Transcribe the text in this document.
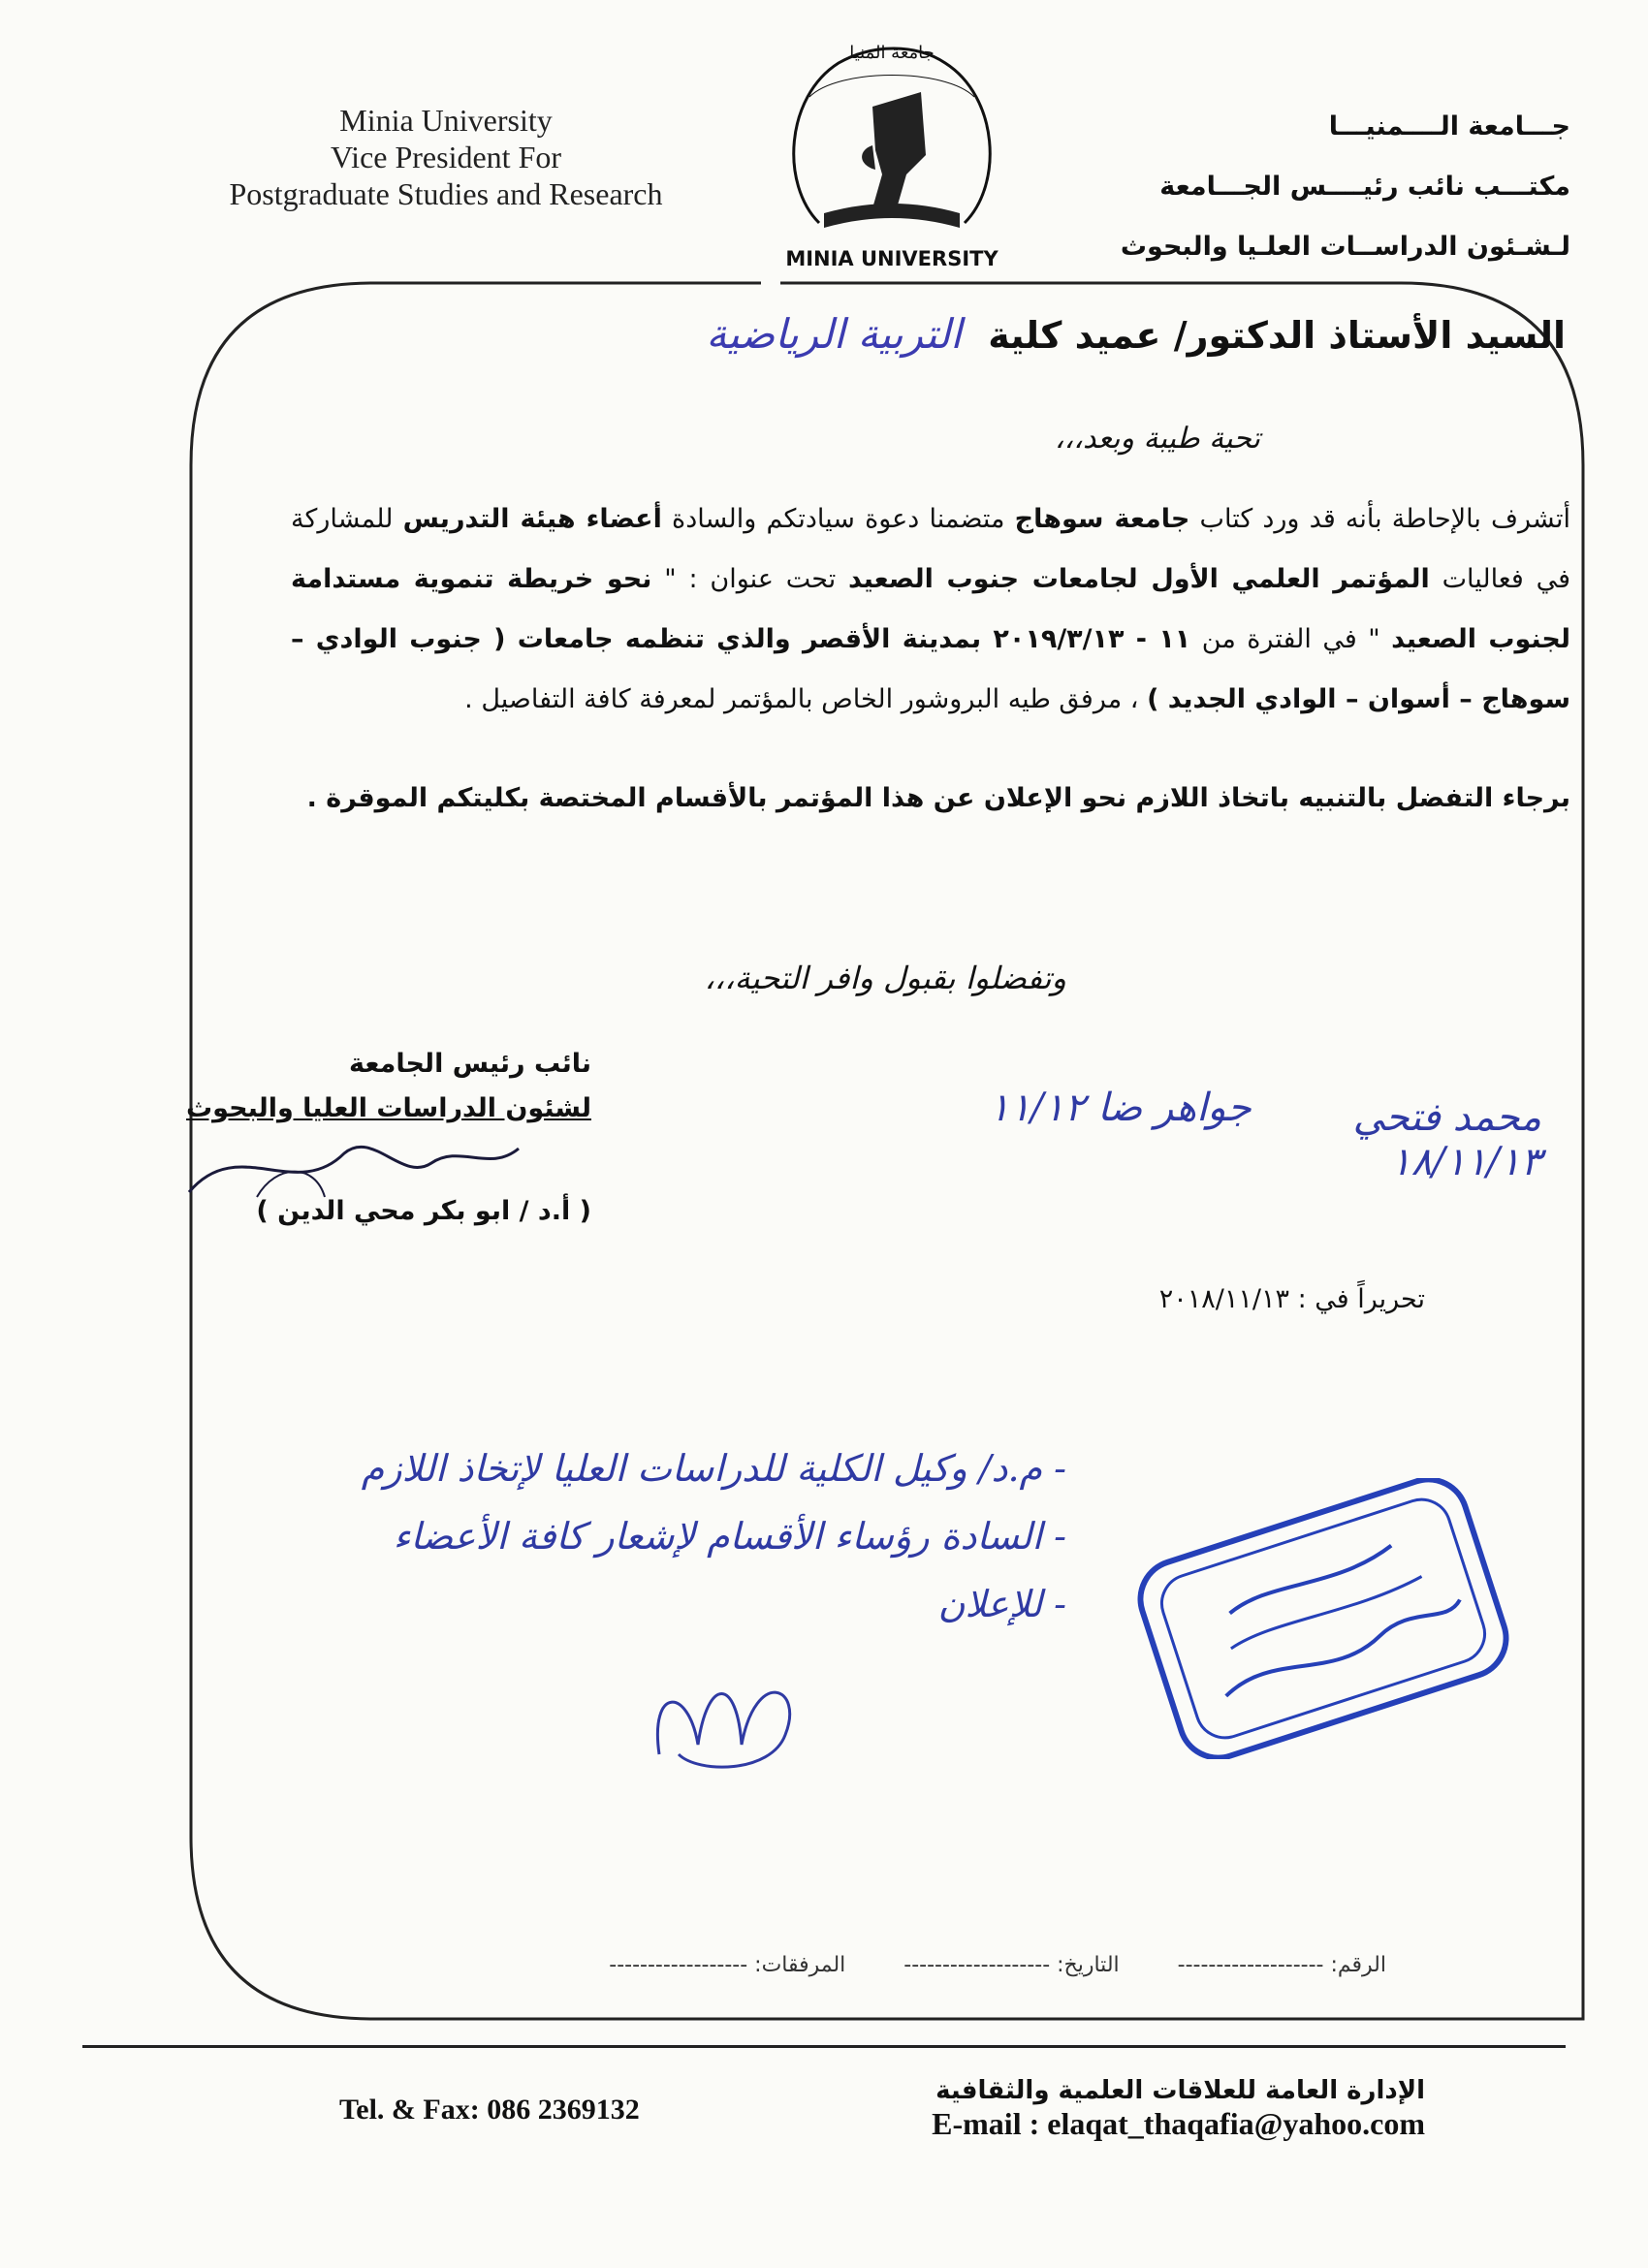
Minia University
Vice President For
Postgraduate Studies and Research
جـــامعة الــــمنيـــا
مكتـــب نائب رئيــــس الجـــامعة
لـشـئون الدراســات العلـيا والبحوث
MINIA UNIVERSITY
جامعة المنيا
السيد الأستاذ الدكتور/ عميد كلية التربية الرياضية
تحية طيبة وبعد،،،

أتشرف بالإحاطة بأنه قد ورد كتاب جامعة سوهاج متضمنا دعوة سيادتكم والسادة أعضاء هيئة التدريس للمشاركة في فعاليات المؤتمر العلمي الأول لجامعات جنوب الصعيد تحت عنوان : " نحو خريطة تنموية مستدامة لجنوب الصعيد " في الفترة من ١١ - ٢٠١٩/٣/١٣ بمدينة الأقصر والذي تنظمه جامعات ( جنوب الوادي – سوهاج – أسوان – الوادي الجديد ) ، مرفق طيه البروشور الخاص بالمؤتمر لمعرفة كافة التفاصيل .

برجاء التفضل بالتنبيه باتخاذ اللازم نحو الإعلان عن هذا المؤتمر بالأقسام المختصة بكليتكم الموقرة .

وتفضلوا بقبول وافر التحية،،،
نائب رئيس الجامعة
لشئون الدراسات العليا والبحوث
( أ.د / ابو بكر محي الدين )
جواهر ضا ١١/١٢	محمد فتحي ١٨/١١/١٣
تحريراً في : ٢٠١٨/١١/١٣
- م.د/ وكيل الكلية للدراسات العليا لإتخاذ اللازم
- السادة رؤساء الأقسام لإشعار كافة الأعضاء
- للإعلان
الرقم: -------------------
التاريخ: -------------------
المرفقات: ------------------
Tel. & Fax: 086 2369132
الإدارة العامة للعلاقات العلمية والثقافية
E-mail : elaqat_thaqafia@yahoo.com
